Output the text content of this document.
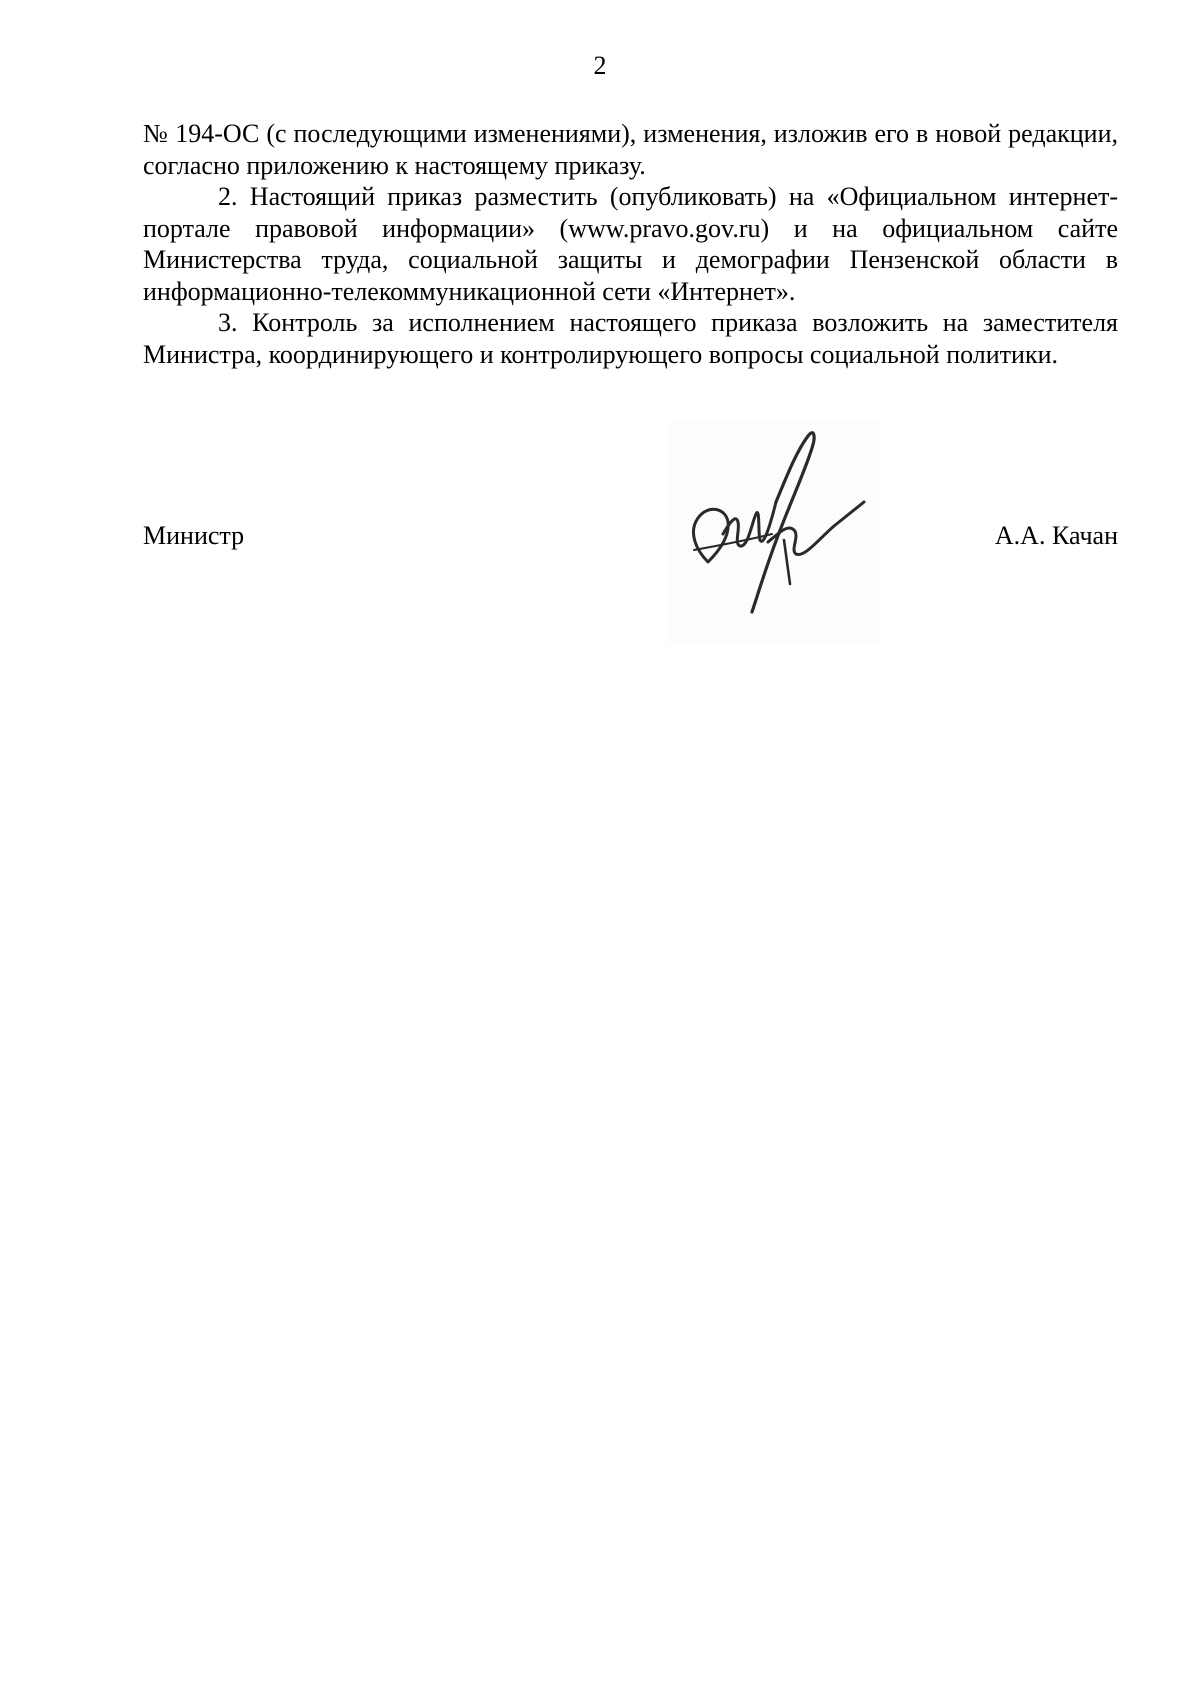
2

№ 194-ОС (с последующими изменениями), изменения, изложив его в новой редакции, согласно приложению к настоящему приказу.

2. Настоящий приказ разместить (опубликовать) на «Официальном интернет-портале правовой информации» (www.pravo.gov.ru) и на официальном сайте Министерства труда, социальной защиты и демографии Пензенской области в информационно-телекоммуникационной сети «Интернет».

3. Контроль за исполнением настоящего приказа возложить на заместителя Министра, координирующего и контролирующего вопросы социальной политики.

Министр	А.А. Качан
